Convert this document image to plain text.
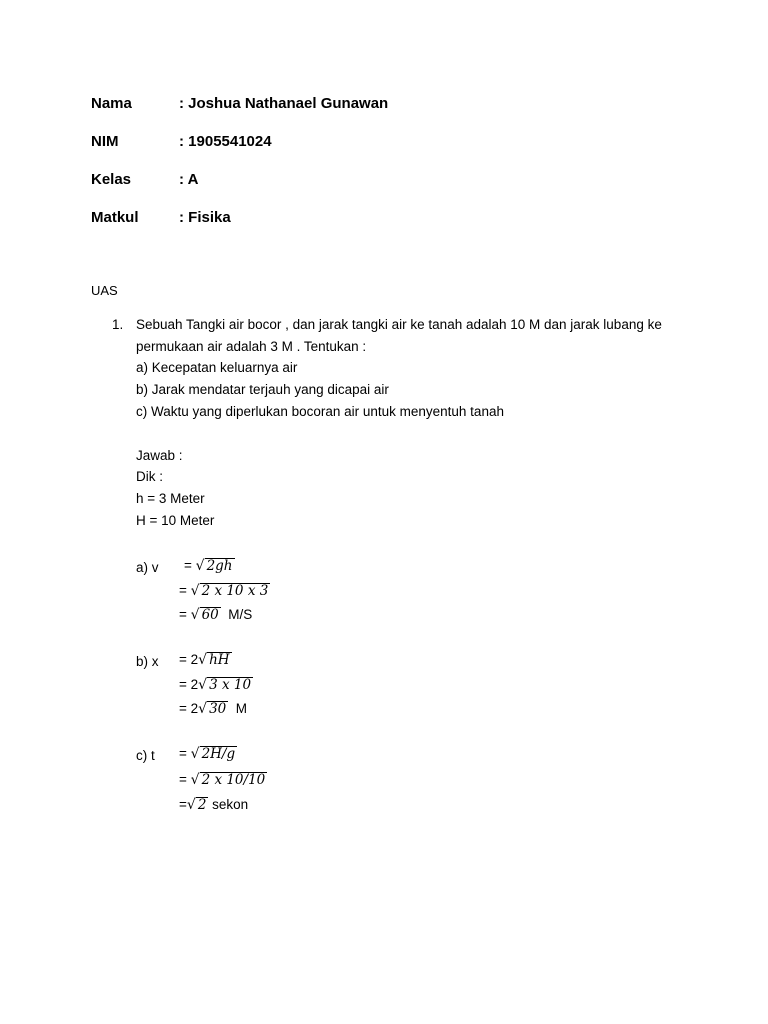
Nama	: Joshua Nathanael Gunawan
NIM	: 1905541024
Kelas	: A
Matkul	: Fisika
UAS
1. Sebuah Tangki air bocor , dan jarak tangki air ke tanah adalah 10 M dan jarak lubang ke
permukaan air adalah 3 M . Tentukan :
a) Kecepatan keluarnya air
b) Jarak mendatar terjauh yang dicapai air
c) Waktu yang diperlukan bocoran air untuk menyentuh tanah
Jawab :
Dik :
h = 3 Meter
H = 10 Meter
a) v = √ 2gh
= √ 2 x 10 x 3
= √ 60  M/S
b) x = 2√ hH
= 2√ 3 x 10
= 2√ 30  M
c) t = √ 2H/g
= √ 2 x 10/10
=√ 2 sekon
